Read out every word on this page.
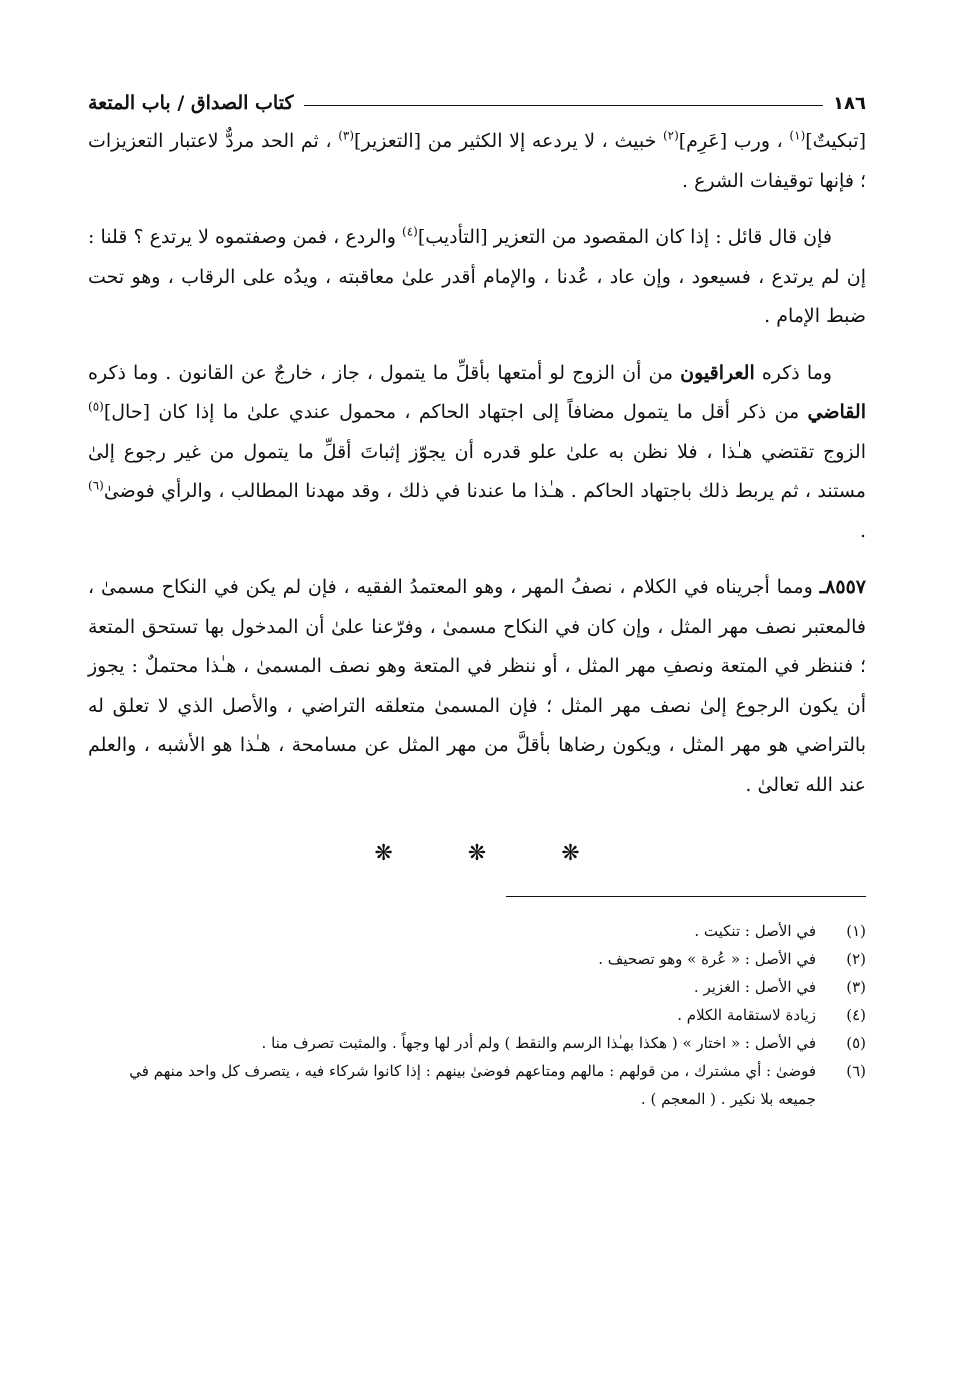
١٨٦
كتاب الصداق / باب المتعة

[تبكيتٌ]$^{(١)}$ ، ورب [عَرِم]$^{(٢)}$ خبيث ، لا يردعه إلا الكثير من [التعزير]$^{(٣)}$ ، ثم الحد مردٌّ لاعتبار التعزيزات ؛ فإنها توقيفات الشرع .

فإن قال قائل : إذا كان المقصود من التعزير [التأديب]$^{(٤)}$ والردع ، فمن وصفتموه لا يرتدع ؟ قلنا : إن لم يرتدع ، فسيعود ، وإن عاد ، عُدنا ، والإمام أقدر علىٰ معاقبته ، ويدُه على الرقاب ، وهو تحت ضبط الإمام .

وما ذكره العراقيون من أن الزوج لو أمتعها بأقلِّ ما يتمول ، جاز ، خارجٌ عن القانون . وما ذكره القاضي من ذكر أقل ما يتمول مضافاً إلى اجتهاد الحاكم ، محمول عندي علىٰ ما إذا كان [حال]$^{(٥)}$ الزوج تقتضي هـٰذا ، فلا نظن به علىٰ علو قدره أن يجوّز إثباتَ أقلِّ ما يتمول من غير رجوع إلىٰ مستند ، ثم يربط ذلك باجتهاد الحاكم . هـٰذا ما عندنا في ذلك ، وقد مهدنا المطالب ، والرأي فوضىٰ$^{(٦)}$ .

٨٥٥٧ـ ومما أجريناه في الكلام ، نصفُ المهر ، وهو المعتمدُ الفقيه ، فإن لم يكن في النكاح مسمىٰ ، فالمعتبر نصف مهر المثل ، وإن كان في النكاح مسمىٰ ، وفرّعنا علىٰ أن المدخول بها تستحق المتعة ؛ فننظر في المتعة ونصفِ مهر المثل ، أو ننظر في المتعة وهو نصف المسمىٰ ، هـٰذا محتملٌ : يجوز أن يكون الرجوع إلىٰ نصف مهر المثل ؛ فإن المسمىٰ متعلقه التراضي ، والأصل الذي لا تعلق له بالتراضي هو مهر المثل ، ويكون رضاها بأقلَّ من مهر المثل عن مسامحة ، هـٰذا هو الأشبه ، والعلم عند الله تعالىٰ .

❋ ❋ ❋
(١)
في الأصل : تنكيت .
(٢)
في الأصل : « عُرة » وهو تصحيف .
(٣)
في الأصل : الغزير .
(٤)
زيادة لاستقامة الكلام .
(٥)
في الأصل : « اختار » ( هكذا بهـٰذا الرسم والنقط ) ولم أدر لها وجهاً . والمثبت تصرف منا .
(٦)
فوضىٰ : أي مشترك ، من قولهم : مالهم ومتاعهم فوضىٰ بينهم : إذا كانوا شركاء فيه ، يتصرف كل واحد منهم في جميعه بلا نكير . ( المعجم ) .
